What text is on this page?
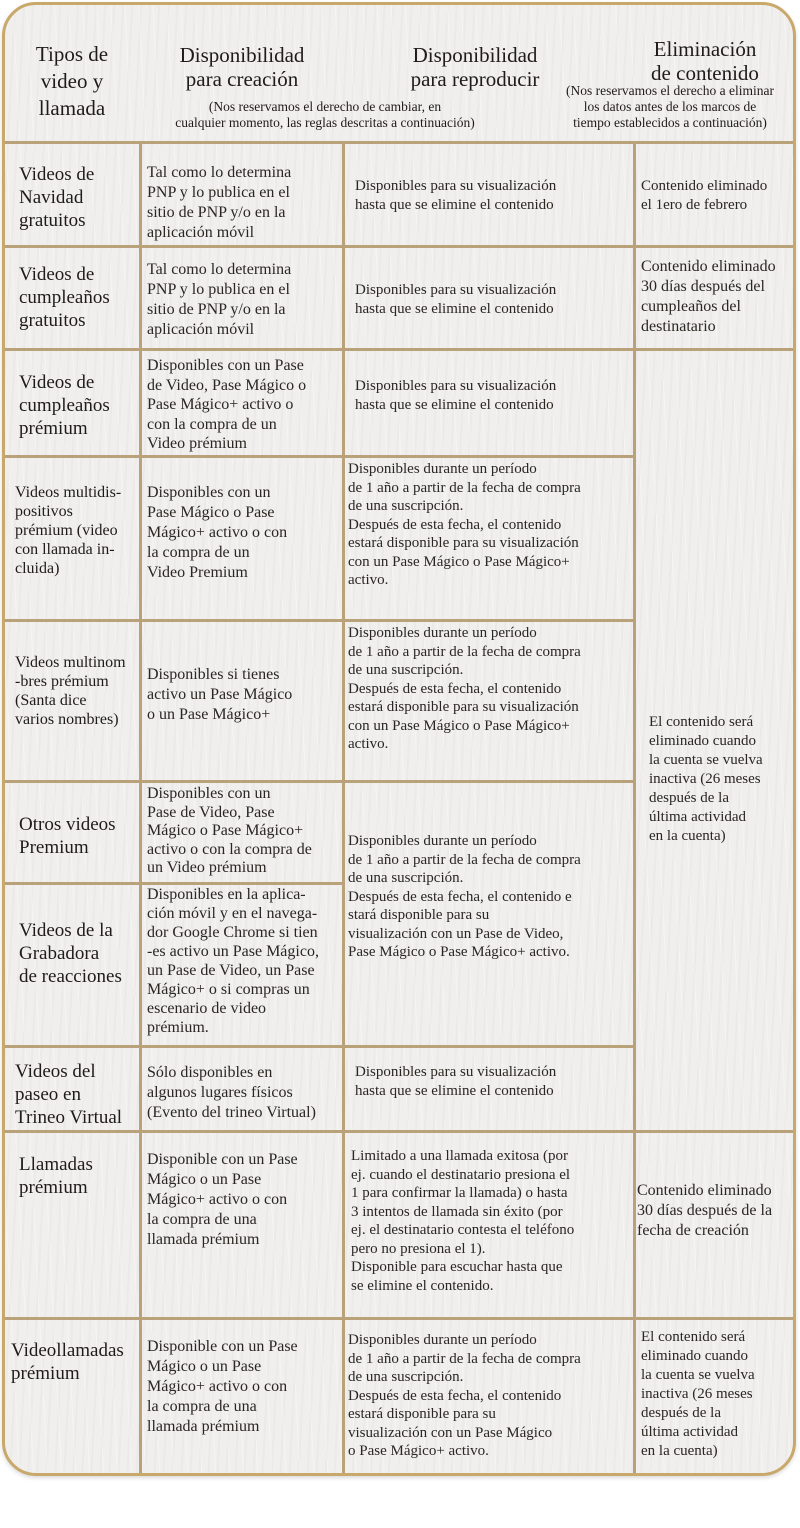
Tipos de
video y
llamada
Disponibilidad
para creación
(Nos reservamos el derecho de cambiar, en
cualquier momento, las reglas descritas a continuación)
Disponibilidad
para reproducir
Eliminación
de contenido
(Nos reservamos el derecho a eliminar
los datos antes de los marcos de
tiempo establecidos a continuación)
Videos de
Navidad
gratuitos
Tal como lo determina
PNP y lo publica en el
sitio de PNP y/o en la
aplicación móvil
Disponibles para su visualización
hasta que se elimine el contenido
Contenido eliminado
el 1ero de febrero
Videos de
cumpleaños
gratuitos
Tal como lo determina
PNP y lo publica en el
sitio de PNP y/o en la
aplicación móvil
Disponibles para su visualización
hasta que se elimine el contenido
Contenido eliminado
30 días después del
cumpleaños del
destinatario
Videos de
cumpleaños
prémium
Disponibles con un Pase
de Video, Pase Mágico o
Pase Mágico+ activo o
con la compra de un
Video prémium
Disponibles para su visualización
hasta que se elimine el contenido
Videos multidis-
positivos
prémium (video
con llamada in-
cluida)
Disponibles con un
Pase Mágico o Pase
Mágico+ activo o con
la compra de un
Video Premium
Disponibles durante un período
de 1 año a partir de la fecha de compra
de una suscripción.
Después de esta fecha, el contenido
estará disponible para su visualización
con un Pase Mágico o Pase Mágico+
activo.
Videos multinom
-bres prémium
(Santa dice
varios nombres)
Disponibles si tienes
activo un Pase Mágico
o un Pase Mágico+
Disponibles durante un período
de 1 año a partir de la fecha de compra
de una suscripción.
Después de esta fecha, el contenido
estará disponible para su visualización
con un Pase Mágico o Pase Mágico+
activo.
Otros videos
Premium
Disponibles con un
Pase de Video, Pase
Mágico o Pase Mágico+
activo o con la compra de
un Video prémium
Videos de la
Grabadora
de reacciones
Disponibles en la aplica-
ción móvil y en el navega-
dor Google Chrome si tien
-es activo un Pase Mágico,
un Pase de Video, un Pase
Mágico+ o si compras un
escenario de video
prémium.
Disponibles durante un período
de 1 año a partir de la fecha de compra
de una suscripción.
Después de esta fecha, el contenido e
stará disponible para su
visualización con un Pase de Video,
Pase Mágico o Pase Mágico+ activo.
Videos del
paseo en
Trineo Virtual
Sólo disponibles en
algunos lugares físicos
(Evento del trineo Virtual)
Disponibles para su visualización
hasta que se elimine el contenido
El contenido será
eliminado cuando
la cuenta se vuelva
inactiva (26 meses
después de la
última actividad
en la cuenta)
Llamadas
prémium
Disponible con un Pase
Mágico o un Pase
Mágico+ activo o con
la compra de una
llamada prémium
Limitado a una llamada exitosa (por
ej. cuando el destinatario presiona el
1 para confirmar la llamada) o hasta
3 intentos de llamada sin éxito (por
ej. el destinatario contesta el teléfono
pero no presiona el 1).
Disponible para escuchar hasta que
se elimine el contenido.
Contenido eliminado
30 días después de la
fecha de creación
Videollamadas
prémium
Disponible con un Pase
Mágico o un Pase
Mágico+ activo o con
la compra de una
llamada prémium
Disponibles durante un período
de 1 año a partir de la fecha de compra
de una suscripción.
Después de esta fecha, el contenido
estará disponible para su
visualización con un Pase Mágico
o Pase Mágico+ activo.
El contenido será
eliminado cuando
la cuenta se vuelva
inactiva (26 meses
después de la
última actividad
en la cuenta)
